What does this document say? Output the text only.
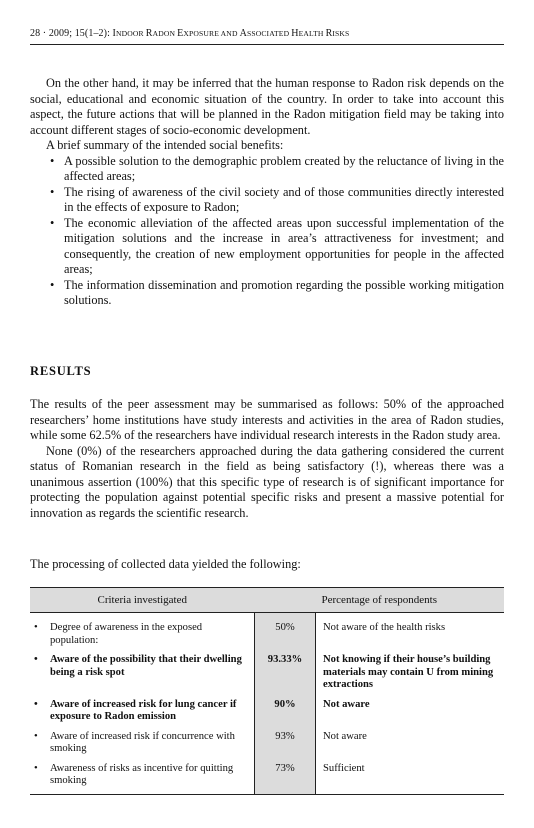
28 · 2009; 15(1–2): INDOOR RADON EXPOSURE AND ASSOCIATED HEALTH RISKS

On the other hand, it may be inferred that the human response to Radon risk depends on the social, educational and economic situation of the country. In order to take into account this aspect, the future actions that will be planned in the Radon mitigation field may be taking into account different stages of socio-economic development.

A brief summary of the intended social benefits:

• A possible solution to the demographic problem created by the reluctance of living in the affected areas;
• The rising of awareness of the civil society and of those communities directly interested in the effects of exposure to Radon;
• The economic alleviation of the affected areas upon successful implementation of the mitigation solutions and the increase in area’s attractiveness for investment; and consequently, the creation of new employment opportunities for people in the affected areas;
• The information dissemination and promotion regarding the possible working mitigation solutions.
RESULTS

The results of the peer assessment may be summarised as follows: 50% of the approached researchers’ home institutions have study interests and activities in the area of Radon studies, while some 62.5% of the researchers have individual research interests in the Radon study area.

None (0%) of the researchers approached during the data gathering considered the current status of Romanian research in the field as being satisfactory (!), whereas there was a unanimous assertion (100%) that this specific type of research is of significant importance for protecting the population against potential specific risks and present a massive potential for innovation as regards the scientific research.

The processing of collected data yielded the following:

Criteria investigated	Percentage of respondents	

• Degree of awareness in the exposed population:	50%	Not aware of the health risks

• Aware of the possibility that their dwelling being a risk spot	93.33%	Not knowing if their house’s building materials may contain U from mining extractions

• Aware of increased risk for lung cancer if exposure to Radon emission	90%	Not aware

• Aware of increased risk if concurrence with smoking	93%	Not aware

• Awareness of risks as incentive for quitting smoking	73%	Sufficient
